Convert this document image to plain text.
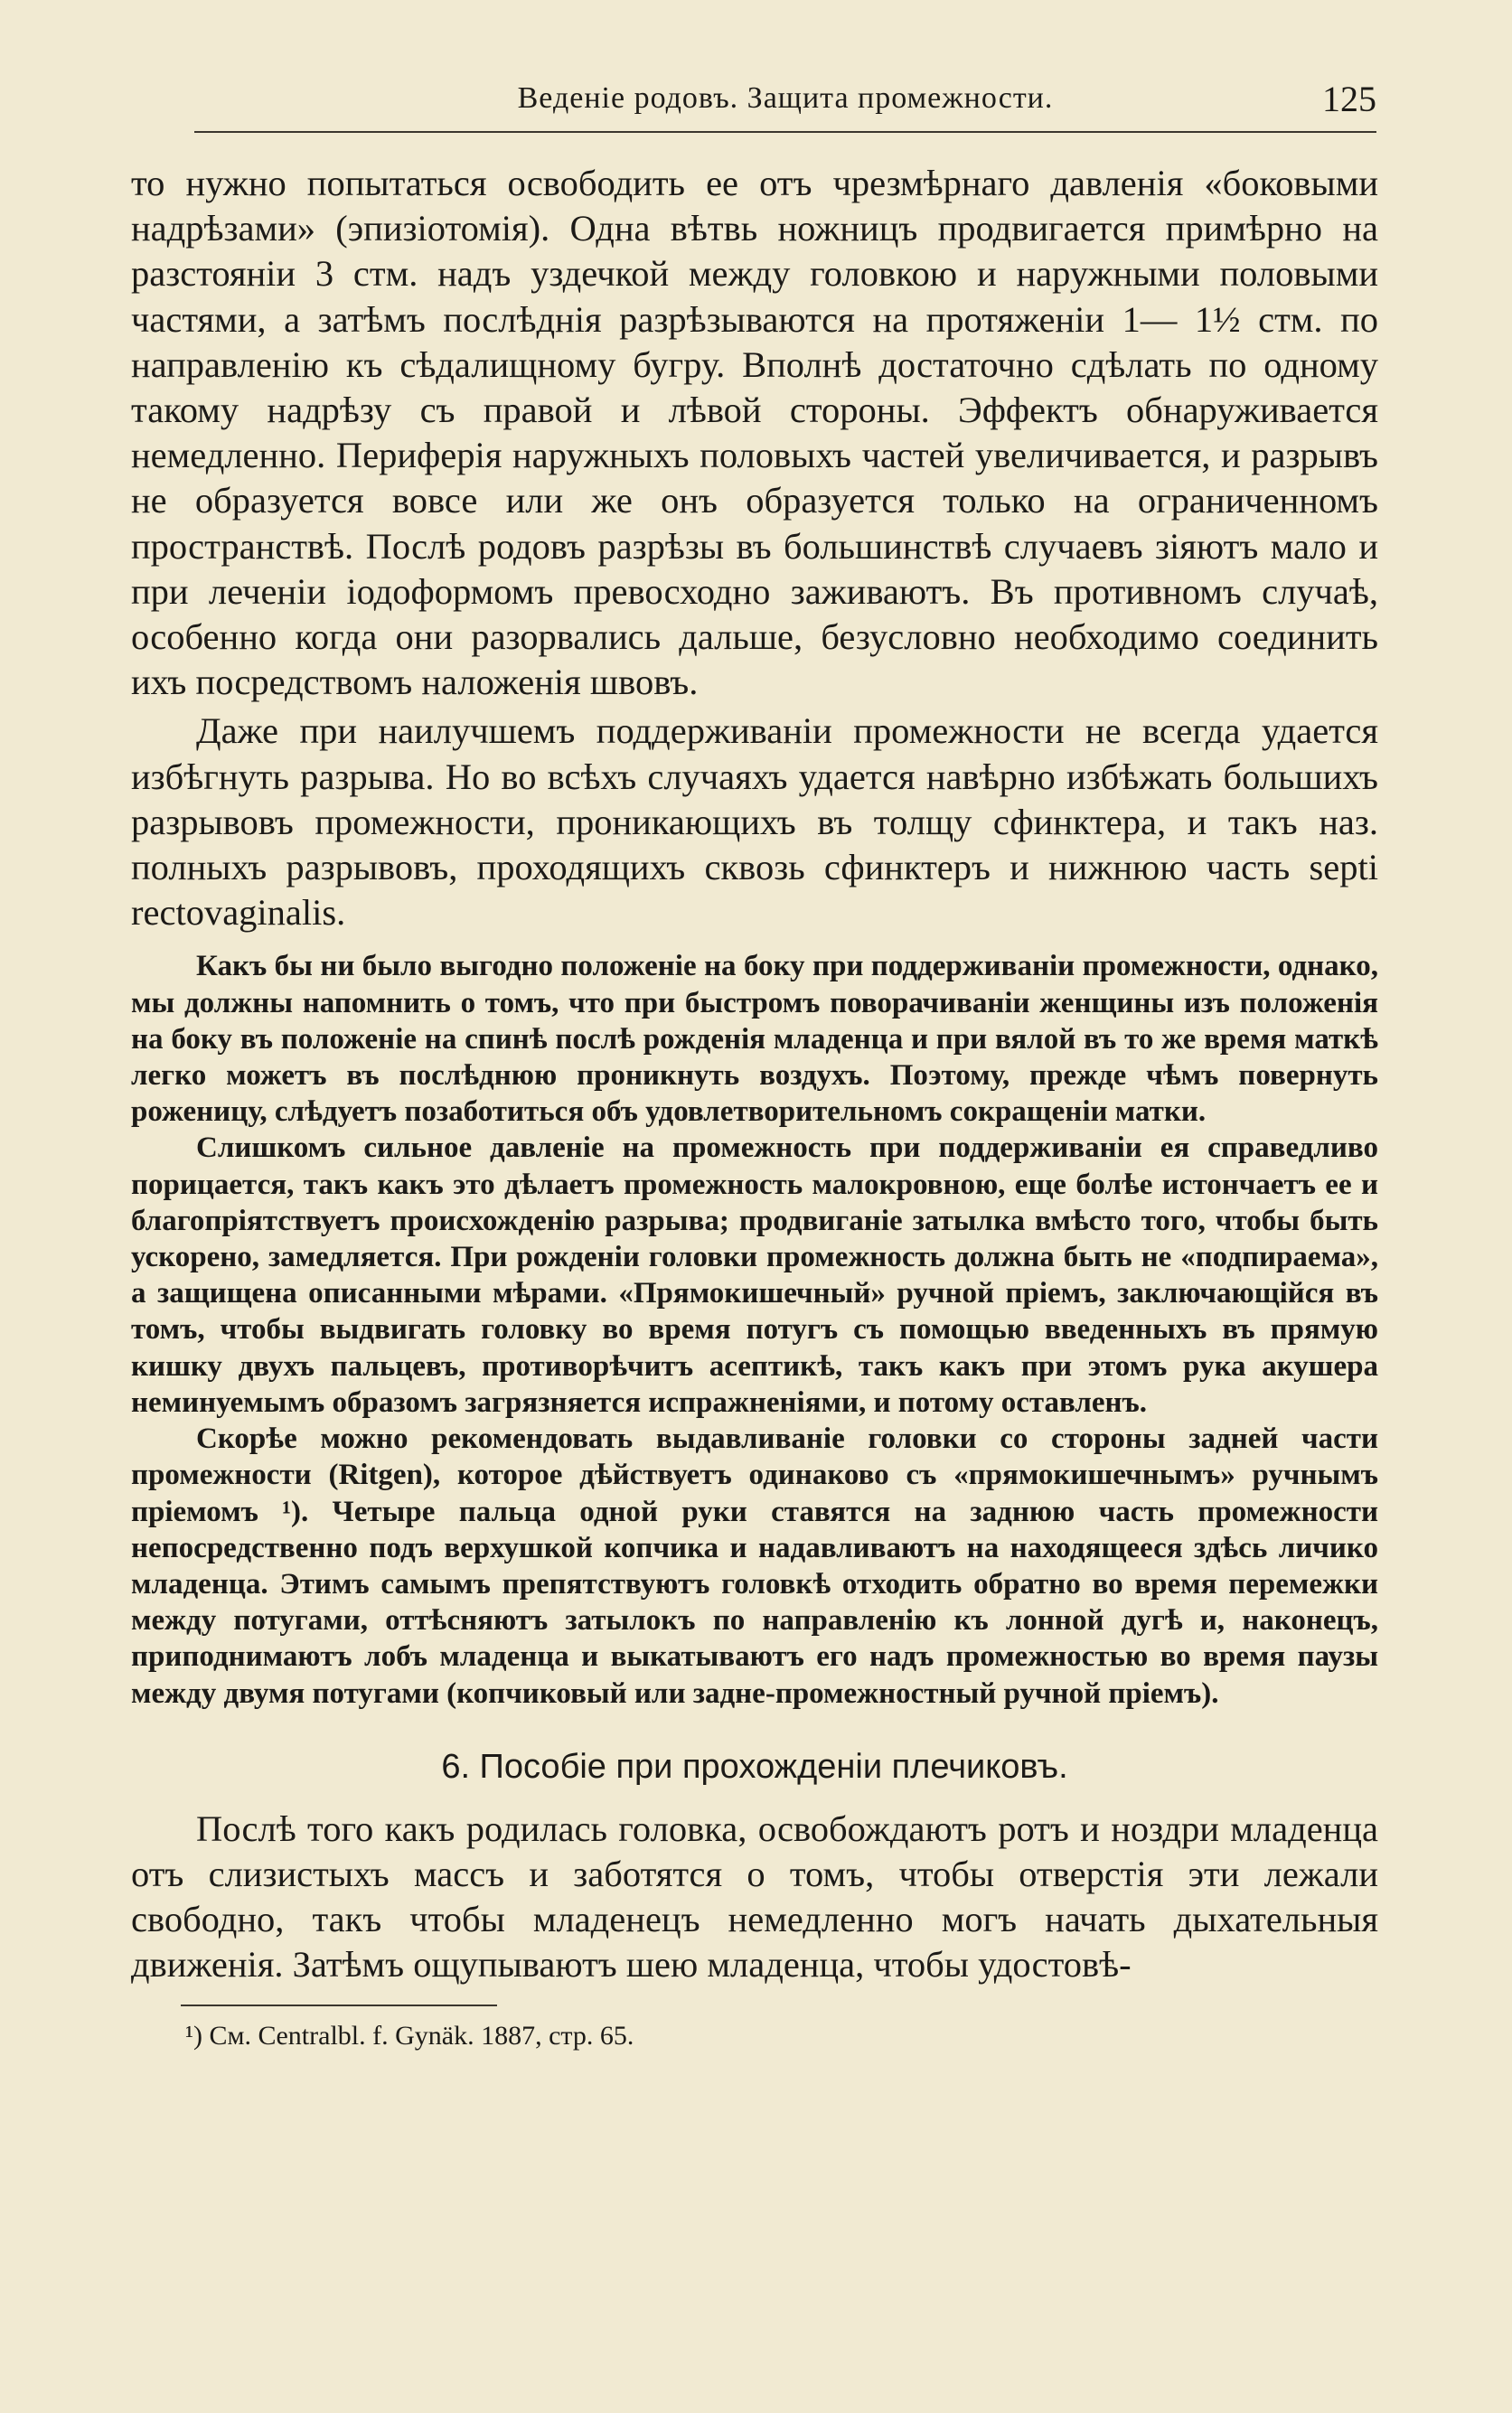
Веденіе родовъ. Защита промежности.	125

то нужно попытаться освободить ее отъ чрезмѣрнаго давленія «боковыми надрѣзами» (эпизіотомія). Одна вѣтвь ножницъ продвигается примѣрно на разстояніи 3 стм. надъ уздечкой между головкою и наружными половыми частями, а затѣмъ послѣднія разрѣзываются на протяженіи 1— 1½ стм. по направленію къ сѣдалищному бугру. Вполнѣ достаточно сдѣлать по одному такому надрѣзу съ правой и лѣвой стороны. Эффектъ обнаруживается немедленно. Периферія наружныхъ половыхъ частей увеличивается, и разрывъ не образуется вовсе или же онъ образуется только на ограниченномъ пространствѣ. Послѣ родовъ разрѣзы въ большинствѣ случаевъ зіяютъ мало и при леченіи іодоформомъ превосходно заживаютъ. Въ противномъ случаѣ, особенно когда они разорвались дальше, безусловно необходимо соединить ихъ посредствомъ наложенія швовъ.

Даже при наилучшемъ поддерживаніи промежности не всегда удается избѣгнуть разрыва. Но во всѣхъ случаяхъ удается навѣрно избѣжать большихъ разрывовъ промежности, проникающихъ въ толщу сфинктера, и такъ наз. полныхъ разрывовъ, проходящихъ сквозь сфинктеръ и нижнюю часть septi rectovaginalis.

Какъ бы ни было выгодно положеніе на боку при поддерживаніи промежности, однако, мы должны напомнить о томъ, что при быстромъ поворачиваніи женщины изъ положенія на боку въ положеніе на спинѣ послѣ рожденія младенца и при вялой въ то же время маткѣ легко можетъ въ послѣднюю проникнуть воздухъ. Поэтому, прежде чѣмъ повернуть роженицу, слѣдуетъ позаботиться объ удовлетворительномъ сокращеніи матки.

Слишкомъ сильное давленіе на промежность при поддерживаніи ея справедливо порицается, такъ какъ это дѣлаетъ промежность малокровною, еще болѣе истончаетъ ее и благопріятствуетъ происхожденію разрыва; продвиганіе затылка вмѣсто того, чтобы быть ускорено, замедляется. При рожденіи головки промежность должна быть не «подпираема», а защищена описанными мѣрами. «Прямокишечный» ручной пріемъ, заключающійся въ томъ, чтобы выдвигать головку во время потугъ съ помощью введенныхъ въ прямую кишку двухъ пальцевъ, противорѣчитъ асептикѣ, такъ какъ при этомъ рука акушера неминуемымъ образомъ загрязняется испражненіями, и потому оставленъ.

Скорѣе можно рекомендовать выдавливаніе головки со стороны задней части промежности (Ritgen), которое дѣйствуетъ одинаково съ «прямокишечнымъ» ручнымъ пріемомъ ¹). Четыре пальца одной руки ставятся на заднюю часть промежности непосредственно подъ верхушкой копчика и надавливаютъ на находящееся здѣсь личико младенца. Этимъ самымъ препятствуютъ головкѣ отходить обратно во время перемежки между потугами, оттѣсняютъ затылокъ по направленію къ лонной дугѣ и, наконецъ, приподнимаютъ лобъ младенца и выкатываютъ его надъ промежностью во время паузы между двумя потугами (копчиковый или задне-промежностный ручной пріемъ).

6. Пособіе при прохожденіи плечиковъ.

Послѣ того какъ родилась головка, освобождаютъ ротъ и ноздри младенца отъ слизистыхъ массъ и заботятся о томъ, чтобы отверстія эти лежали свободно, такъ чтобы младенецъ немедленно могъ начать дыхательныя движенія. Затѣмъ ощупываютъ шею младенца, чтобы удостовѣ-

¹) См. Centralbl. f. Gynäk. 1887, стр. 65.
